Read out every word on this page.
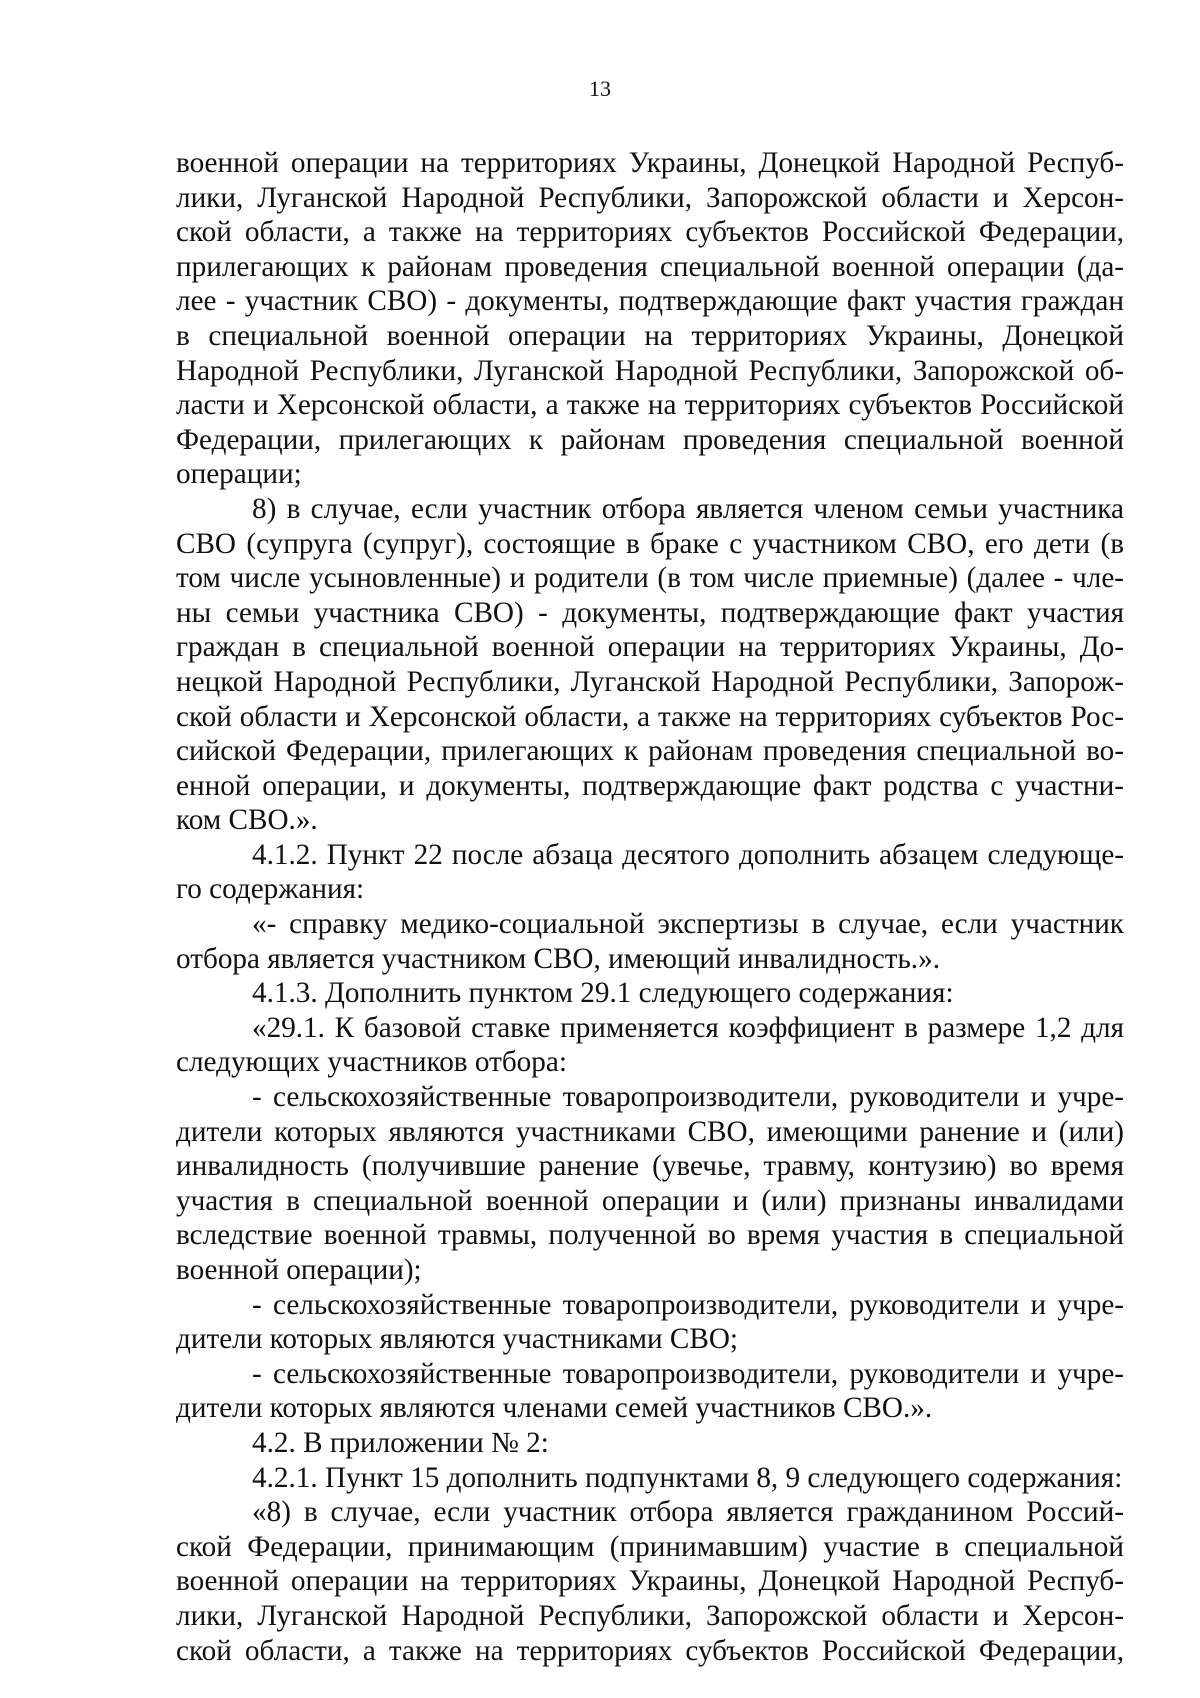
13
военной операции на территориях Украины, Донецкой Народной Респуб-
лики, Луганской Народной Республики, Запорожской области и Херсон-
ской области, а также на территориях субъектов Российской Федерации,
прилегающих к районам проведения специальной военной операции (да-
лее - участник СВО) - документы, подтверждающие факт участия граждан
в специальной военной операции на территориях Украины, Донецкой
Народной Республики, Луганской Народной Республики, Запорожской об-
ласти и Херсонской области, а также на территориях субъектов Российской
Федерации, прилегающих к районам проведения специальной военной
операции;
8) в случае, если участник отбора является членом семьи участника
СВО (супруга (супруг), состоящие в браке с участником СВО, его дети (в
том числе усыновленные) и родители (в том числе приемные) (далее - чле-
ны семьи участника СВО) - документы, подтверждающие факт участия
граждан в специальной военной операции на территориях Украины, До-
нецкой Народной Республики, Луганской Народной Республики, Запорож-
ской области и Херсонской области, а также на территориях субъектов Рос-
сийской Федерации, прилегающих к районам проведения специальной во-
енной операции, и документы, подтверждающие факт родства с участни-
ком СВО.».
4.1.2. Пункт 22 после абзаца десятого дополнить абзацем следующе-
го содержания:
«- справку медико-социальной экспертизы в случае, если участник
отбора является участником СВО, имеющий инвалидность.».
4.1.3. Дополнить пунктом 29.1 следующего содержания:
«29.1. К базовой ставке применяется коэффициент в размере 1,2 для
следующих участников отбора:
- сельскохозяйственные товаропроизводители, руководители и учре-
дители которых являются участниками СВО, имеющими ранение и (или)
инвалидность (получившие ранение (увечье, травму, контузию) во время
участия в специальной военной операции и (или) признаны инвалидами
вследствие военной травмы, полученной во время участия в специальной
военной операции);
- сельскохозяйственные товаропроизводители, руководители и учре-
дители которых являются участниками СВО;
- сельскохозяйственные товаропроизводители, руководители и учре-
дители которых являются членами семей участников СВО.».
4.2. В приложении № 2:
4.2.1. Пункт 15 дополнить подпунктами 8, 9 следующего содержания:
«8) в случае, если участник отбора является гражданином Россий-
ской Федерации, принимающим (принимавшим) участие в специальной
военной операции на территориях Украины, Донецкой Народной Респуб-
лики, Луганской Народной Республики, Запорожской области и Херсон-
ской области, а также на территориях субъектов Российской Федерации,
